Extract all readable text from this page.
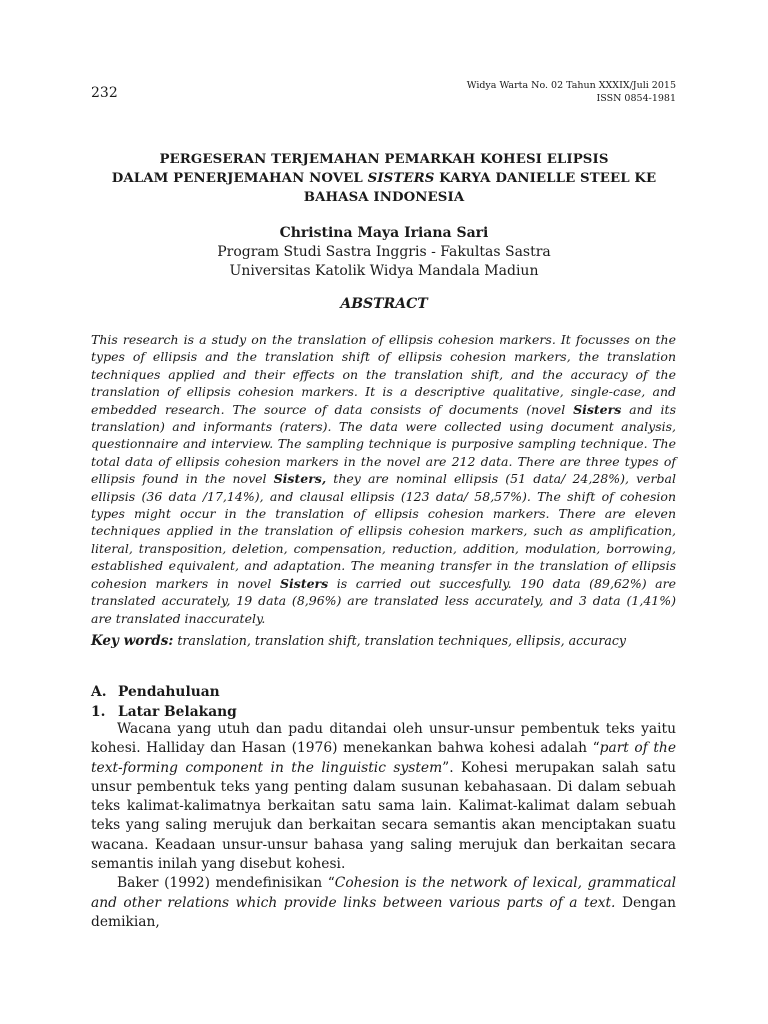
232	Widya Warta No. 02 Tahun XXXIX/Juli 2015
ISSN 0854-1981
PERGESERAN TERJEMAHAN PEMARKAH KOHESI ELIPSIS
DALAM PENERJEMAHAN NOVEL SISTERS KARYA DANIELLE STEEL KE
BAHASA INDONESIA
Christina Maya Iriana Sari
Program Studi Sastra Inggris - Fakultas Sastra
Universitas Katolik Widya Mandala Madiun
ABSTRACT
This research is a study on the translation of ellipsis cohesion markers. It focusses on the types of ellipsis and the translation shift of ellipsis cohesion markers, the translation techniques applied and their effects on the translation shift, and the accuracy of the translation of ellipsis cohesion markers. It is a descriptive qualitative, single-case, and embedded research. The source of data consists of documents (novel Sisters and its translation) and informants (raters). The data were collected using document analysis, questionnaire and interview. The sampling technique is purposive sampling technique. The total data of ellipsis cohesion markers in the novel are 212 data. There are three types of ellipsis found in the novel Sisters, they are nominal ellipsis (51 data/ 24,28%), verbal ellipsis (36 data /17,14%), and clausal ellipsis (123 data/ 58,57%). The shift of cohesion types might occur in the translation of ellipsis cohesion markers. There are eleven techniques applied in the translation of ellipsis cohesion markers, such as amplification, literal, transposition, deletion, compensation, reduction, addition, modulation, borrowing, established equivalent, and adaptation. The meaning transfer in the translation of ellipsis cohesion markers in novel Sisters is carried out succesfully. 190 data (89,62%) are translated accurately, 19 data (8,96%) are translated less accurately, and 3 data (1,41%) are translated inaccurately.
Key words: translation, translation shift, translation techniques, ellipsis, accuracy
A. Pendahuluan
1. Latar Belakang

Wacana yang utuh dan padu ditandai oleh unsur-unsur pembentuk teks yaitu kohesi. Halliday dan Hasan (1976) menekankan bahwa kohesi adalah “part of the text-forming component in the linguistic system”. Kohesi merupakan salah satu unsur pembentuk teks yang penting dalam susunan kebahasaan. Di dalam sebuah teks kalimat-kalimatnya berkaitan satu sama lain. Kalimat-kalimat dalam sebuah teks yang saling merujuk dan berkaitan secara semantis akan menciptakan suatu wacana. Keadaan unsur-unsur bahasa yang saling merujuk dan berkaitan secara semantis inilah yang disebut kohesi.

Baker (1992) mendefinisikan “Cohesion is the network of lexical, grammatical and other relations which provide links between various parts of a text. Dengan demikian,
